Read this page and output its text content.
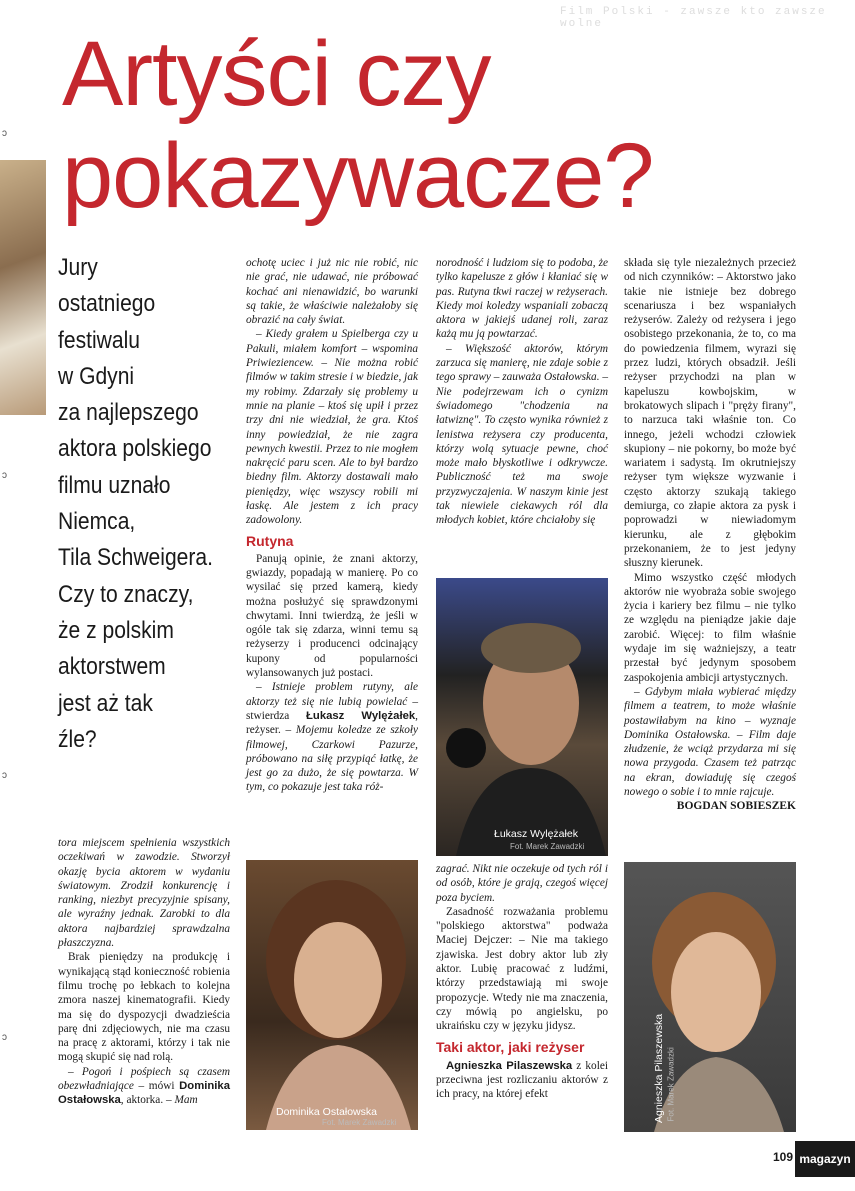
Film Polski - zawsze kto zawsze wolne
ɔ
ɔ
ɔ
ɔ
Artyści czy
pokazywacze?
Jury
ostatniego
festiwalu
w Gdyni
za najlepszego
aktora polskiego
filmu uznało
Niemca,
Tila Schweigera.
Czy to znaczy,
że z polskim
aktorstwem
jest aż tak
źle?

ochotę uciec i już nic nie robić, nic nie grać, nie udawać, nie próbować kochać ani nienawidzić, bo warunki są takie, że właściwie należałoby się obrazić na cały świat.

– Kiedy grałem u Spielberga czy u Pakuli, miałem komfort – wspomina Priwieziencew. – Nie można robić filmów w takim stresie i w biedzie, jak my robimy. Zdarzały się problemy u mnie na planie – ktoś się upił i przez trzy dni nie wiedział, że gra. Ktoś inny powiedział, że nie zagra pewnych kwestii. Przez to nie mogłem nakręcić paru scen. Ale to był bardzo biedny film. Aktorzy dostawali mało pieniędzy, więc wszyscy robili mi łaskę. Ale jestem z ich pracy zadowolony.

Rutyna

Panują opinie, że znani aktorzy, gwiazdy, popadają w manierę. Po co wysilać się przed kamerą, kiedy można posłużyć się sprawdzonymi chwytami. Inni twierdzą, że jeśli w ogóle tak się zdarza, winni temu są reżyserzy i producenci odcinający kupony od popularności wylansowanych już postaci.

– Istnieje problem rutyny, ale aktorzy też się nie lubią powielać – stwierdza Łukasz Wylężałek, reżyser. – Mojemu koledze ze szkoły filmowej, Czarkowi Pazurze, próbowano na siłę przypiąć łatkę, że jest go za dużo, że się powtarza. W tym, co pokazuje jest taka róż-

norodność i ludziom się to podoba, że tylko kapelusze z głów i kłaniać się w pas. Rutyna tkwi raczej w reżyserach. Kiedy moi koledzy wspaniali zobaczą aktora w jakiejś udanej roli, zaraz każą mu ją powtarzać.

– Większość aktorów, którym zarzuca się manierę, nie zdaje sobie z tego sprawy – zauważa Ostałowska. – Nie podejrzewam ich o cynizm świadomego "chodzenia na łatwiznę". To często wynika również z lenistwa reżysera czy producenta, którzy wolą sytuacje pewne, choć może mało błyskotliwe i odkrywcze. Publiczność też ma swoje przyzwyczajenia. W naszym kinie jest tak niewiele ciekawych ról dla młodych kobiet, które chciałoby się

Łukasz Wylężałek
Fot. Marek Zawadzki

składa się tyle niezależnych przecież od nich czynników: – Aktorstwo jako takie nie istnieje bez dobrego scenariusza i bez wspaniałych reżyserów. Zależy od reżysera i jego osobistego przekonania, że to, co ma do powiedzenia filmem, wyrazi się przez ludzi, których obsadził. Jeśli reżyser przychodzi na plan w kapeluszu kowbojskim, w brokatowych slipach i "pręży firany", to narzuca taki właśnie ton. Co innego, jeżeli wchodzi człowiek skupiony – nie pokorny, bo może być wariatem i sadystą. Im okrutniejszy reżyser tym większe wyzwanie i często aktorzy szukają takiego demiurga, co złapie aktora za pysk i poprowadzi w niewiadomym kierunku, ale z głębokim przekonaniem, że to jest jedyny słuszny kierunek.

Mimo wszystko część młodych aktorów nie wyobraża sobie swojego życia i kariery bez filmu – nie tylko ze względu na pieniądze jakie daje zarobić. Więcej: to film właśnie wydaje im się ważniejszy, a teatr przestał być jedynym sposobem zaspokojenia ambicji artystycznych.

– Gdybym miała wybierać między filmem a teatrem, to może właśnie postawiłabym na kino – wyznaje Dominika Ostałowska. – Film daje złudzenie, że wciąż przydarza mi się nowa przygoda. Czasem też patrząc na ekran, dowiaduję się czegoś nowego o sobie i to mnie rajcuje.

BOGDAN SOBIESZEK

tora miejscem spełnienia wszystkich oczekiwań w zawodzie. Stworzył okazję bycia aktorem w wydaniu światowym. Zrodził konkurencję i ranking, niezbyt precyzyjnie spisany, ale wyraźny jednak. Zarobki to dla aktora najbardziej sprawdzalna płaszczyzna.

Brak pieniędzy na produkcję i wynikającą stąd konieczność robienia filmu trochę po łebkach to kolejna zmora naszej kinematografii. Kiedy ma się do dyspozycji dwadzieścia parę dni zdjęciowych, nie ma czasu na pracę z aktorami, którzy i tak nie mogą skupić się nad rolą.

– Pogoń i pośpiech są czasem obezwładniające – mówi Dominika Ostałowska, aktorka. – Mam

Dominika Ostałowska
Fot. Marek Zawadzki

zagrać. Nikt nie oczekuje od tych ról i od osób, które je grają, czegoś więcej poza byciem.

Zasadność rozważania problemu "polskiego aktorstwa" podważa Maciej Dejczer: – Nie ma takiego zjawiska. Jest dobry aktor lub zły aktor. Lubię pracować z ludźmi, którzy przedstawiają mi swoje propozycje. Wtedy nie ma znaczenia, czy mówią po angielsku, po ukraińsku czy w języku jidysz.

Taki aktor, jaki reżyser

Agnieszka Pilaszewska z kolei przeciwna jest rozliczaniu aktorów z ich pracy, na której efekt	Agnieszka Pilaszewska Fot. Marek Zawadzki
109 magazyn
